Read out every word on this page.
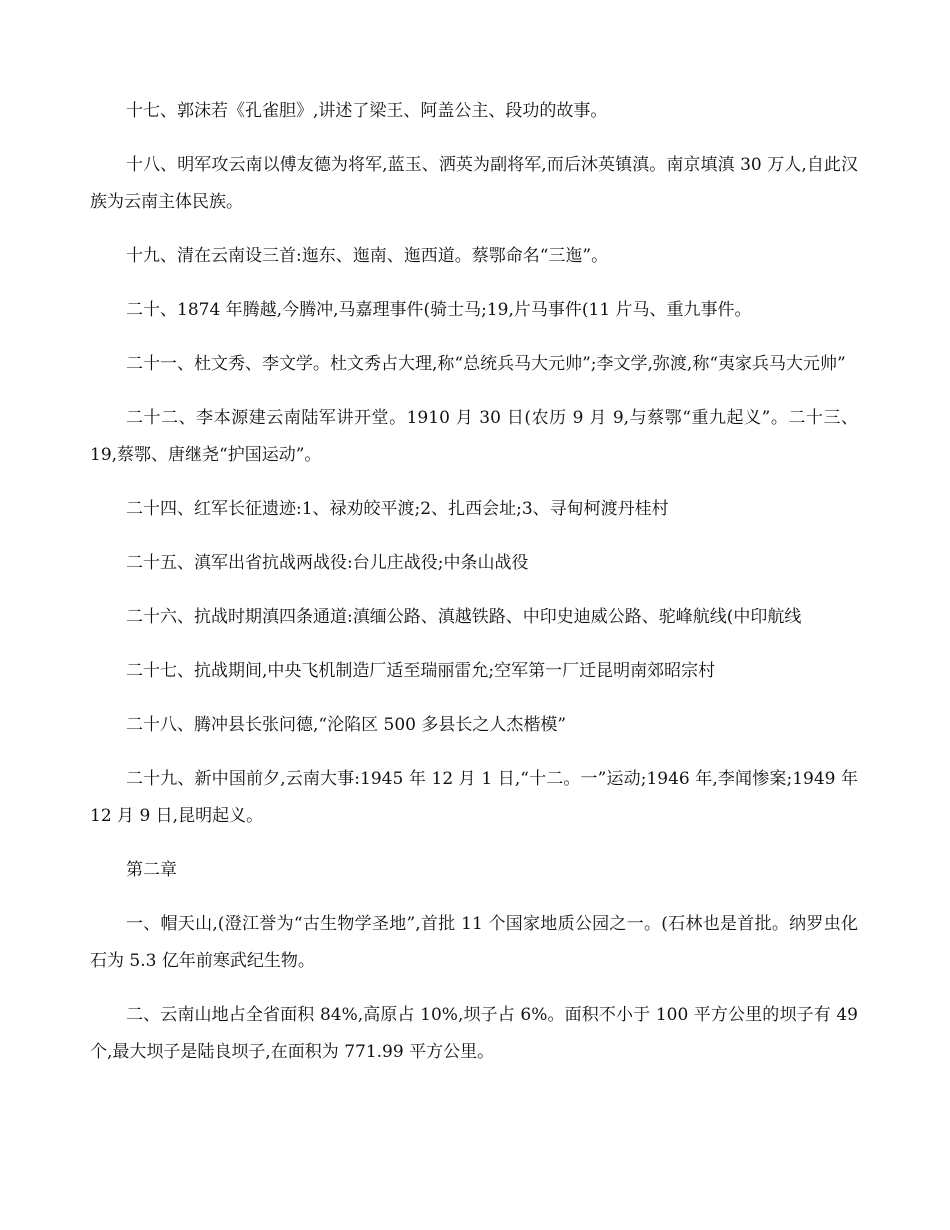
十七、郭沫若《孔雀胆》,讲述了梁王、阿盖公主、段功的故事。

十八、明军攻云南以傅友德为将军,蓝玉、洒英为副将军,而后沐英镇滇。南京填滇 30 万人,自此汉族为云南主体民族。

十九、清在云南设三首:迤东、迤南、迤西道。蔡鄂命名“三迤”。

二十、1874 年腾越,今腾冲,马嘉理事件(骑士马;19,片马事件(11 片马、重九事件。

二十一、杜文秀、李文学。杜文秀占大理,称“总统兵马大元帅”;李文学,弥渡,称“夷家兵马大元帅”

二十二、李本源建云南陆军讲开堂。1910 月 30 日(农历 9 月 9,与蔡鄂“重九起义”。二十三、19,蔡鄂、唐继尧“护国运动”。

二十四、红军长征遗迹:1、禄劝皎平渡;2、扎西会址;3、寻甸柯渡丹桂村

二十五、滇军出省抗战两战役:台儿庄战役;中条山战役

二十六、抗战时期滇四条通道:滇缅公路、滇越铁路、中印史迪威公路、驼峰航线(中印航线

二十七、抗战期间,中央飞机制造厂适至瑞丽雷允;空军第一厂迁昆明南郊昭宗村

二十八、腾冲县长张问德,“沦陷区 500 多县长之人杰楷模”

二十九、新中国前夕,云南大事:1945 年 12 月 1 日,“十二。一”运动;1946 年,李闻惨案;1949 年 12 月 9 日,昆明起义。

第二章

一、帽天山,(澄江誉为“古生物学圣地”,首批 11 个国家地质公园之一。(石林也是首批。纳罗虫化石为 5.3 亿年前寒武纪生物。

二、云南山地占全省面积 84%,高原占 10%,坝子占 6%。面积不小于 100 平方公里的坝子有 49 个,最大坝子是陆良坝子,在面积为 771.99 平方公里。
